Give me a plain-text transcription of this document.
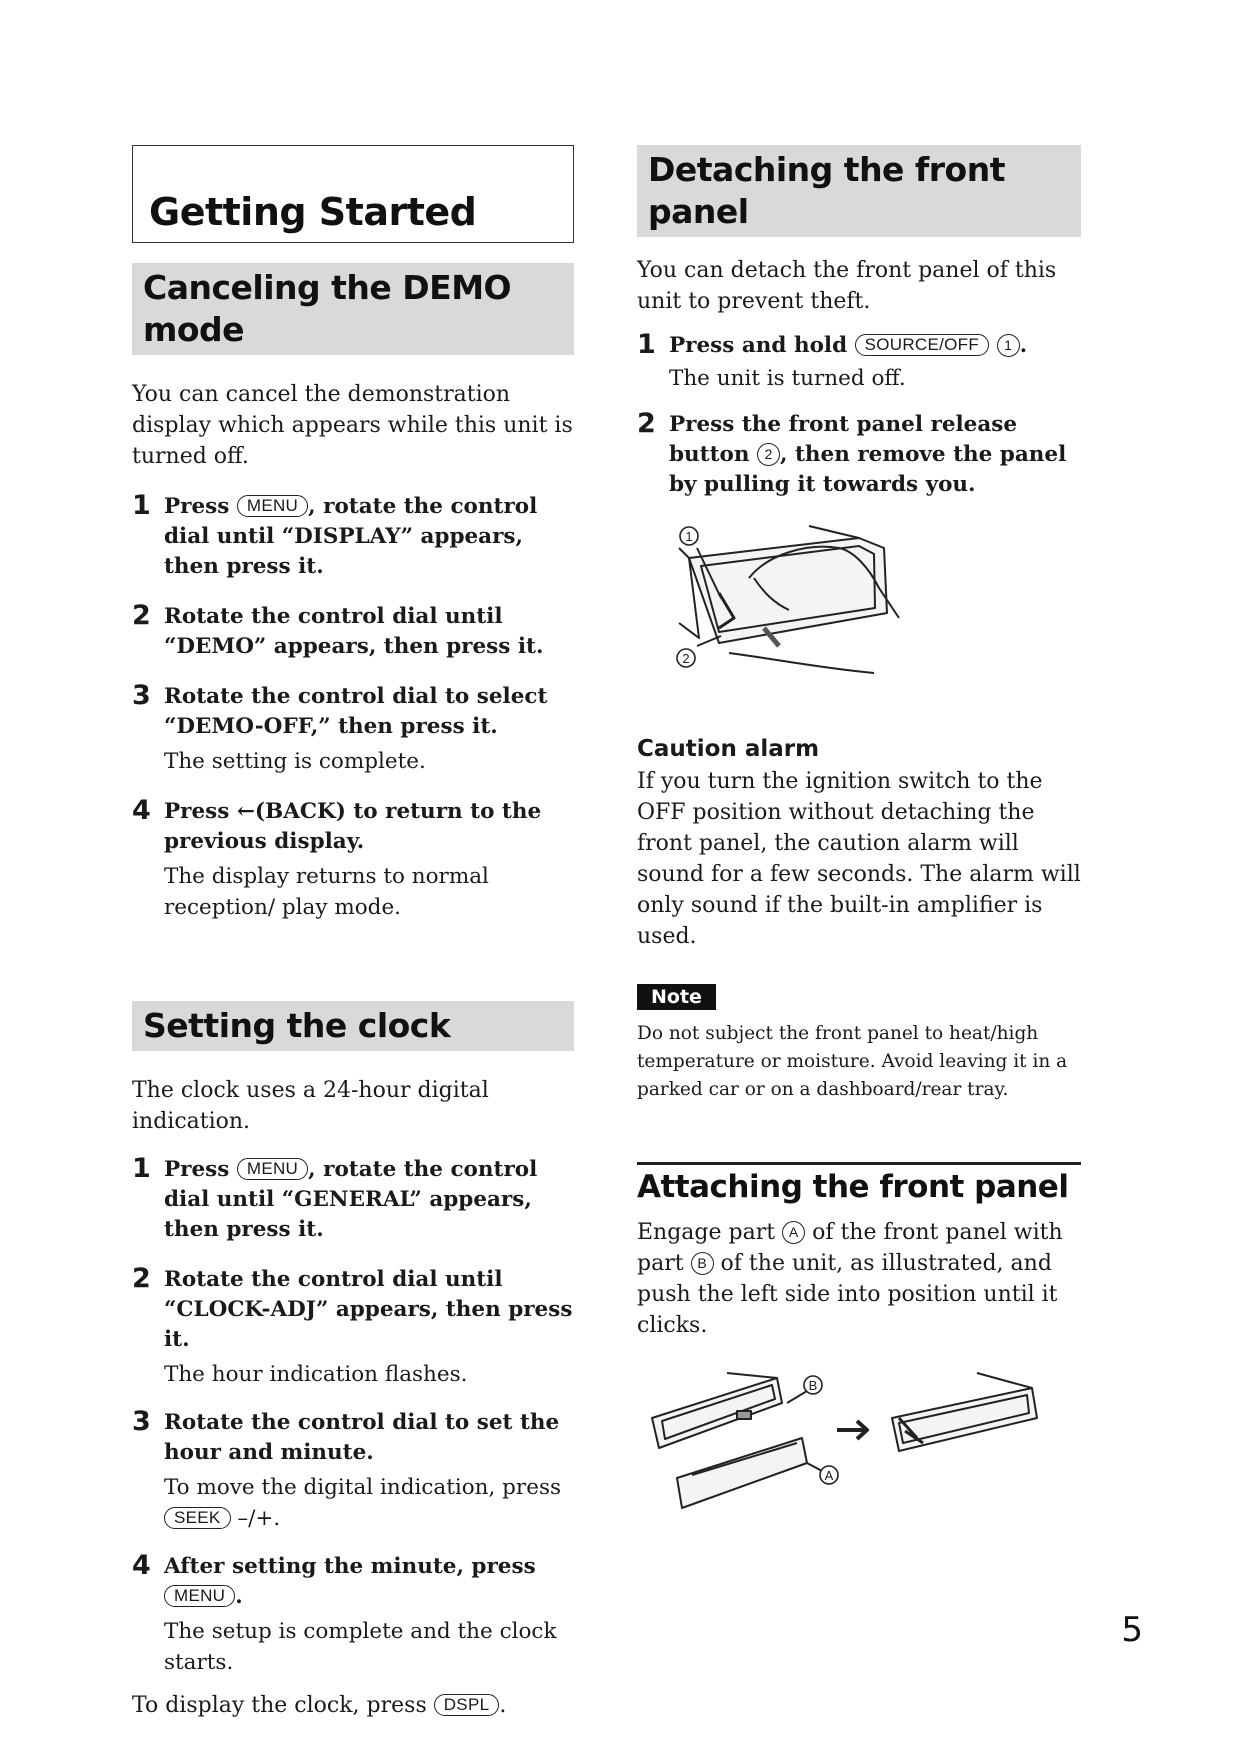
Getting Started
Canceling the DEMO mode

You can cancel the demonstration display which appears while this unit is turned off.

1 Press MENU , rotate the control dial until “DISPLAY” appears, then press it.

2 Rotate the control dial until “DEMO” appears, then press it.

3 Rotate the control dial to select “DEMO-OFF,” then press it.

The setting is complete.

4 Press ←(BACK) to return to the previous display.

The display returns to normal reception/ play mode.

Setting the clock

The clock uses a 24-hour digital indication.

1 Press MENU , rotate the control dial until “GENERAL” appears, then press it.

2 Rotate the control dial until “CLOCK-ADJ” appears, then press it.

The hour indication flashes.

3 Rotate the control dial to set the hour and minute.

To move the digital indication, press SEEK –/+.

4 After setting the minute, press MENU .

The setup is complete and the clock starts.

To display the clock, press DSPL .

Detaching the front panel

You can detach the front panel of this unit to prevent theft.

1 Press and hold SOURCE/OFF 1 .

The unit is turned off.

2 Press the front panel release button 2 , then remove the panel by pulling it towards you.

1
2

Caution alarm

If you turn the ignition switch to the OFF position without detaching the front panel, the caution alarm will sound for a few seconds. The alarm will only sound if the built-in amplifier is used.

Note

Do not subject the front panel to heat/high temperature or moisture. Avoid leaving it in a parked car or on a dashboard/rear tray.

Attaching the front panel

Engage part A of the front panel with part B of the unit, as illustrated, and push the left side into position until it clicks.

B
A
5
